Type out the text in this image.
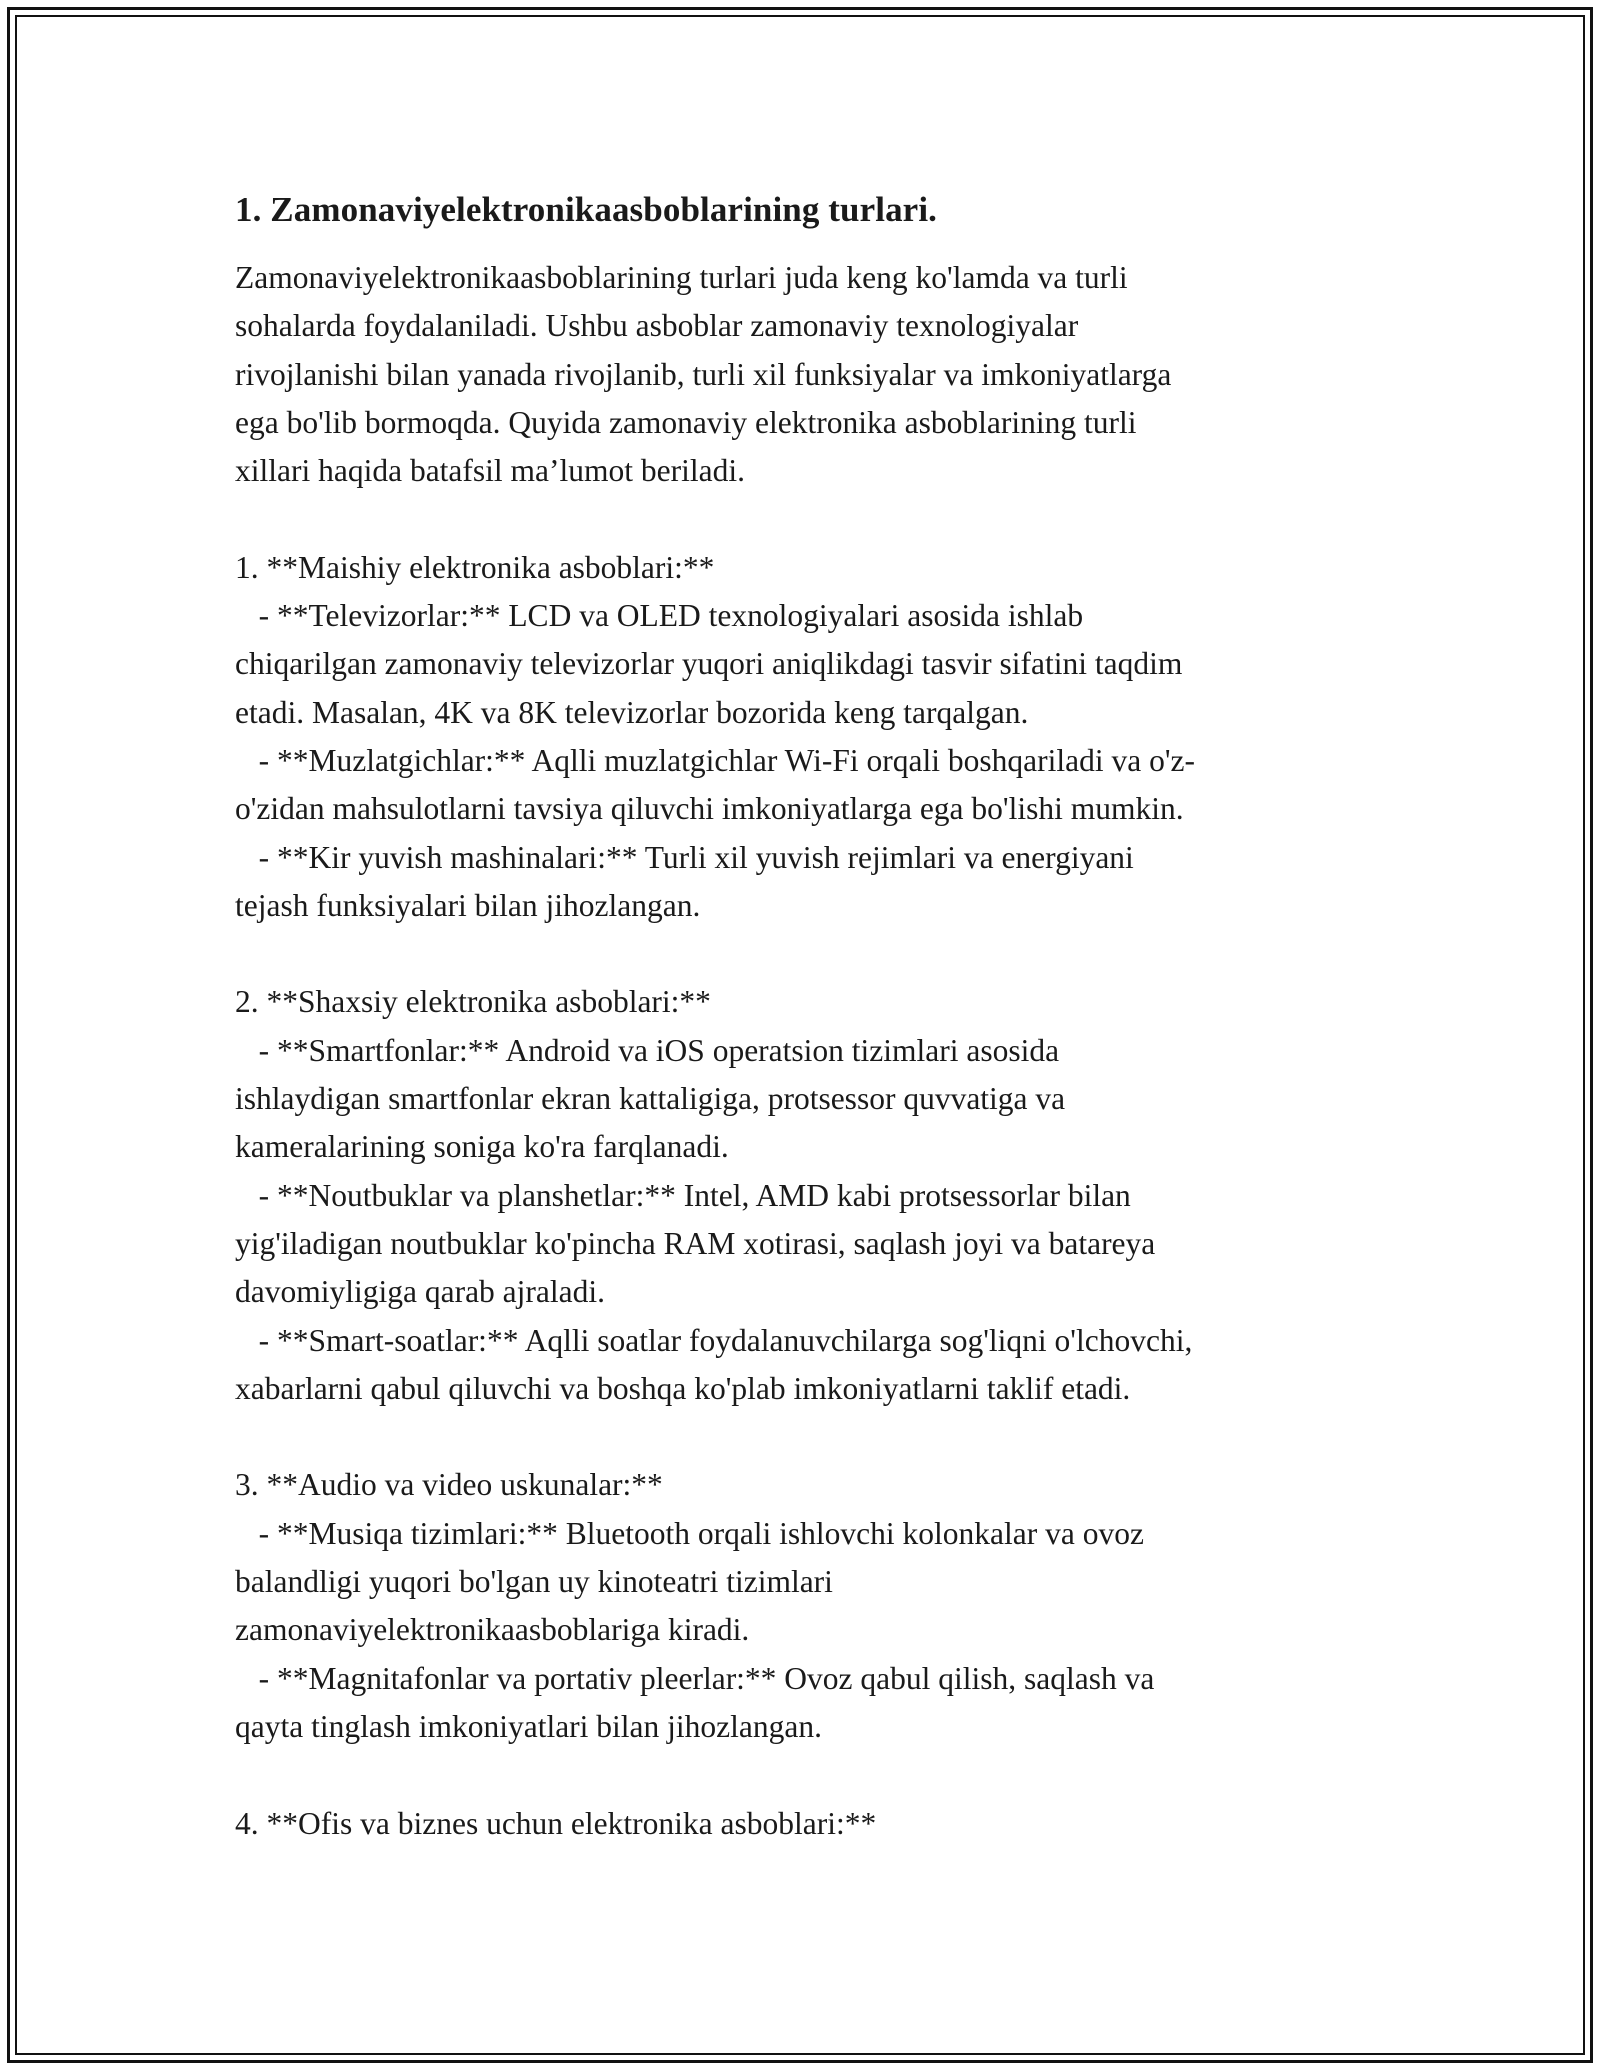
1. Zamonaviyelektronikaasboblarining turlari.

Zamonaviyelektronikaasboblarining turlari juda keng ko'lamda va turli
sohalarda foydalaniladi. Ushbu asboblar zamonaviy texnologiyalar
rivojlanishi bilan yanada rivojlanib, turli xil funksiyalar va imkoniyatlarga
ega bo'lib bormoqda. Quyida zamonaviy elektronika asboblarining turli
xillari haqida batafsil ma’lumot beriladi.

1. **Maishiy elektronika asboblari:**

- **Televizorlar:** LCD va OLED texnologiyalari asosida ishlab
chiqarilgan zamonaviy televizorlar yuqori aniqlikdagi tasvir sifatini taqdim
etadi. Masalan, 4K va 8K televizorlar bozorida keng tarqalgan.

- **Muzlatgichlar:** Aqlli muzlatgichlar Wi-Fi orqali boshqariladi va o'z-
o'zidan mahsulotlarni tavsiya qiluvchi imkoniyatlarga ega bo'lishi mumkin.

- **Kir yuvish mashinalari:** Turli xil yuvish rejimlari va energiyani
tejash funksiyalari bilan jihozlangan.

2. **Shaxsiy elektronika asboblari:**

- **Smartfonlar:** Android va iOS operatsion tizimlari asosida
ishlaydigan smartfonlar ekran kattaligiga, protsessor quvvatiga va
kameralarining soniga ko'ra farqlanadi.

- **Noutbuklar va planshetlar:** Intel, AMD kabi protsessorlar bilan
yig'iladigan noutbuklar ko'pincha RAM xotirasi, saqlash joyi va batareya
davomiyligiga qarab ajraladi.

- **Smart-soatlar:** Aqlli soatlar foydalanuvchilarga sog'liqni o'lchovchi,
xabarlarni qabul qiluvchi va boshqa ko'plab imkoniyatlarni taklif etadi.

3. **Audio va video uskunalar:**

- **Musiqa tizimlari:** Bluetooth orqali ishlovchi kolonkalar va ovoz
balandligi yuqori bo'lgan uy kinoteatri tizimlari
zamonaviyelektronikaasboblariga kiradi.

- **Magnitafonlar va portativ pleerlar:** Ovoz qabul qilish, saqlash va
qayta tinglash imkoniyatlari bilan jihozlangan.

4. **Ofis va biznes uchun elektronika asboblari:**
